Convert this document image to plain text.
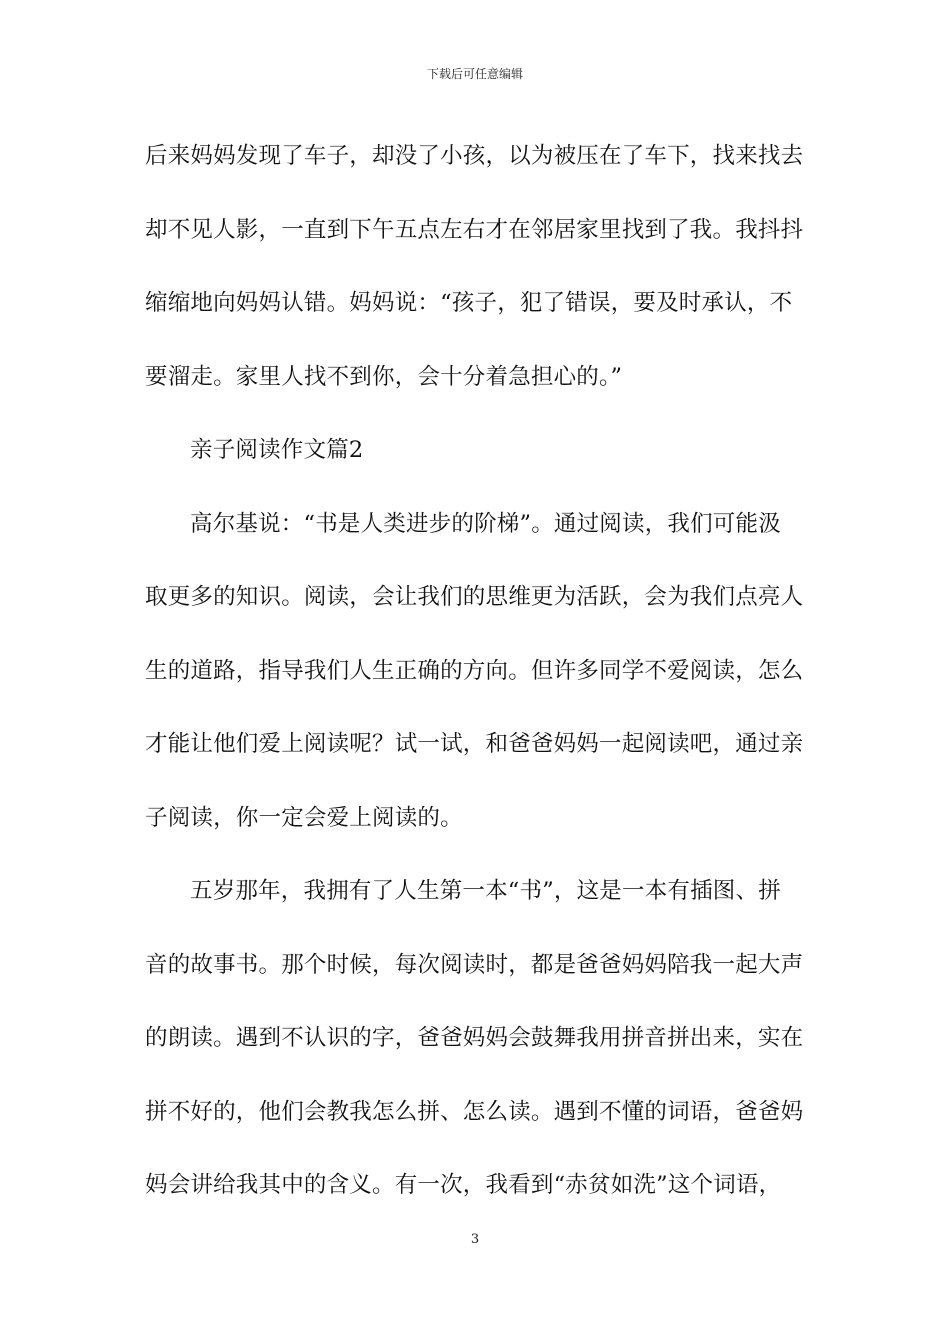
下载后可任意编辑
后来妈妈发现了车子，却没了小孩，以为被压在了车下，找来找去
却不见人影，一直到下午五点左右才在邻居家里找到了我。我抖抖
缩缩地向妈妈认错。妈妈说：“孩子，犯了错误，要及时承认，不
要溜走。家里人找不到你，会十分着急担心的。”
亲子阅读作文篇2
高尔基说：“书是人类进步的阶梯”。通过阅读，我们可能汲
取更多的知识。阅读，会让我们的思维更为活跃，会为我们点亮人
生的道路，指导我们人生正确的方向。但许多同学不爱阅读，怎么
才能让他们爱上阅读呢？试一试，和爸爸妈妈一起阅读吧，通过亲
子阅读，你一定会爱上阅读的。
五岁那年，我拥有了人生第一本“书”，这是一本有插图、拼
音的故事书。那个时候，每次阅读时，都是爸爸妈妈陪我一起大声
的朗读。遇到不认识的字，爸爸妈妈会鼓舞我用拼音拼出来，实在
拼不好的，他们会教我怎么拼、怎么读。遇到不懂的词语，爸爸妈
妈会讲给我其中的含义。有一次，我看到“赤贫如洗”这个词语，
3
